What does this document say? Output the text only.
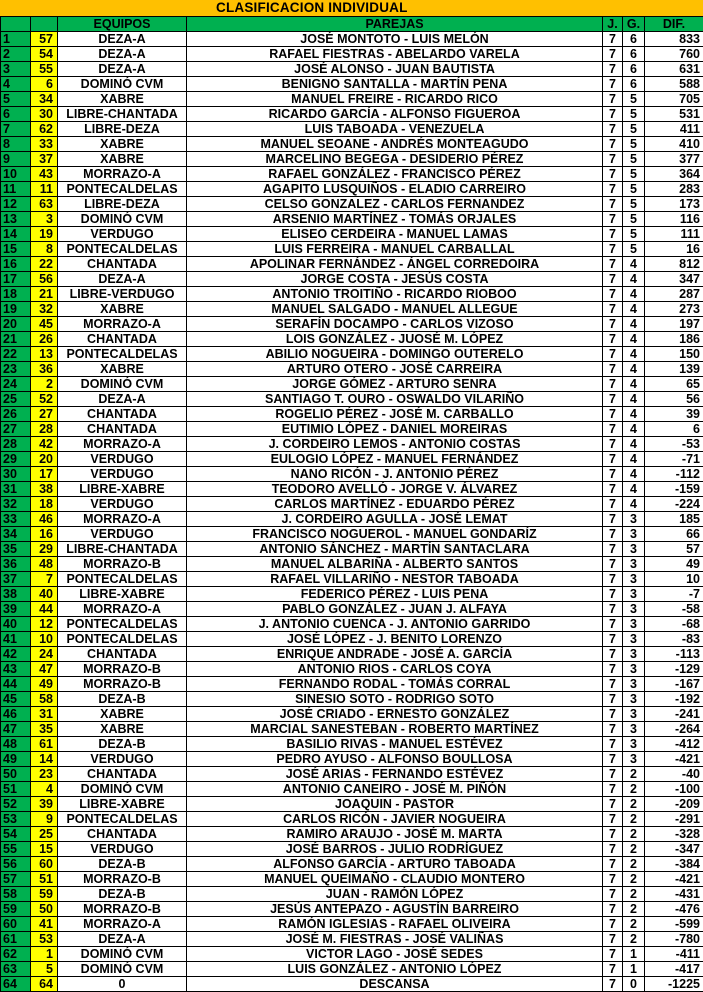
CLASIFICACION INDIVIDUAL
		EQUIPOS	PAREJAS	J.	G.	DIF.
1	57	DEZA-A	JOSÉ MONTOTO - LUIS MELÓN	7	6	833
2	54	DEZA-A	RAFAEL FIESTRAS - ABELARDO VARELA	7	6	760
3	55	DEZA-A	JOSÉ ALONSO - JUAN BAUTISTA	7	6	631
4	6	DOMINÓ CVM	BENIGNO SANTALLA - MARTÍN PENA	7	6	588
5	34	XABRE	MANUEL FREIRE - RICARDO RICO	7	5	705
6	30	LIBRE-CHANTADA	RICARDO GARCÍA - ALFONSO FIGUEROA	7	5	531
7	62	LIBRE-DEZA	LUIS TABOADA - VENEZUELA	7	5	411
8	33	XABRE	MANUEL SEOANE - ANDRÉS MONTEAGUDO	7	5	410
9	37	XABRE	MARCELINO BEGEGA - DESIDERIO PÉREZ	7	5	377
10	43	MORRAZO-A	RAFAEL GONZÁLEZ - FRANCISCO PÉREZ	7	5	364
11	11	PONTECALDELAS	AGAPITO LUSQUIÑOS - ELADIO CARREIRO	7	5	283
12	63	LIBRE-DEZA	CELSO GONZALEZ - CARLOS FERNANDEZ	7	5	173
13	3	DOMINÓ CVM	ARSENIO MARTÍNEZ - TOMÁS ORJALES	7	5	116
14	19	VERDUGO	ELISEO CERDEIRA - MANUEL LAMAS	7	5	111
15	8	PONTECALDELAS	LUIS FERREIRA - MANUEL CARBALLAL	7	5	16
16	22	CHANTADA	APOLINAR FERNÁNDEZ - ÁNGEL CORREDOIRA	7	4	812
17	56	DEZA-A	JORGE COSTA - JESÚS COSTA	7	4	347
18	21	LIBRE-VERDUGO	ANTONIO TROITIÑO - RICARDO RIOBOO	7	4	287
19	32	XABRE	MANUEL SALGADO - MANUEL ALLEGUE	7	4	273
20	45	MORRAZO-A	SERAFÍN DOCAMPO - CARLOS VIZOSO	7	4	197
21	26	CHANTADA	LOIS GONZÁLEZ - JUOSÉ M. LÓPEZ	7	4	186
22	13	PONTECALDELAS	ABILIO NOGUEIRA - DOMINGO OUTERELO	7	4	150
23	36	XABRE	ARTURO OTERO - JOSÉ CARREIRA	7	4	139
24	2	DOMINÓ CVM	JORGE GÓMEZ - ARTURO SENRA	7	4	65
25	52	DEZA-A	SANTIAGO T. OURO - OSWALDO VILARIÑO	7	4	56
26	27	CHANTADA	ROGELIO PÉREZ - JOSÉ M. CARBALLO	7	4	39
27	28	CHANTADA	EUTIMIO LÓPEZ - DANIEL MOREIRAS	7	4	6
28	42	MORRAZO-A	J. CORDEIRO LEMOS - ANTONIO COSTAS	7	4	-53
29	20	VERDUGO	EULOGIO LÓPEZ - MANUEL FERNÁNDEZ	7	4	-71
30	17	VERDUGO	NANO RICÓN - J. ANTONIO PÉREZ	7	4	-112
31	38	LIBRE-XABRE	TEODORO AVELLÓ - JORGE V. ÁLVAREZ	7	4	-159
32	18	VERDUGO	CARLOS MARTÍNEZ - EDUARDO PÉREZ	7	4	-224
33	46	MORRAZO-A	J. CORDEIRO AGULLA - JOSÉ LEMAT	7	3	185
34	16	VERDUGO	FRANCISCO NOGUEROL - MANUEL GONDARÍZ	7	3	66
35	29	LIBRE-CHANTADA	ANTONIO SÁNCHEZ - MARTÍN SANTACLARA	7	3	57
36	48	MORRAZO-B	MANUEL ALBARIÑA - ALBERTO SANTOS	7	3	49
37	7	PONTECALDELAS	RAFAEL VILLARIÑO - NESTOR TABOADA	7	3	10
38	40	LIBRE-XABRE	FEDERICO PÉREZ - LUIS PENA	7	3	-7
39	44	MORRAZO-A	PABLO GONZÁLEZ - JUAN J. ALFAYA	7	3	-58
40	12	PONTECALDELAS	J. ANTONIO CUENCA - J. ANTONIO GARRIDO	7	3	-68
41	10	PONTECALDELAS	JOSÉ LÓPEZ - J. BENITO LORENZO	7	3	-83
42	24	CHANTADA	ENRIQUE ANDRADE - JOSÉ A. GARCÍA	7	3	-113
43	47	MORRAZO-B	ANTONIO RIOS - CARLOS COYA	7	3	-129
44	49	MORRAZO-B	FERNANDO RODAL - TOMÁS CORRAL	7	3	-167
45	58	DEZA-B	SINESIO SOTO - RODRIGO SOTO	7	3	-192
46	31	XABRE	JOSÉ CRIADO - ERNESTO GONZÁLEZ	7	3	-241
47	35	XABRE	MARCIAL SANESTEBAN - ROBERTO MARTÍNEZ	7	3	-264
48	61	DEZA-B	BASILIO RIVAS - MANUEL ESTÉVEZ	7	3	-412
49	14	VERDUGO	PEDRO AYUSO - ALFONSO BOULLOSA	7	3	-421
50	23	CHANTADA	JOSÉ ARIAS - FERNANDO ESTÉVEZ	7	2	-40
51	4	DOMINÓ CVM	ANTONIO CANEIRO - JOSÉ M. PIÑÓN	7	2	-100
52	39	LIBRE-XABRE	JOAQUIN - PASTOR	7	2	-209
53	9	PONTECALDELAS	CARLOS RICÓN - JAVIER NOGUEIRA	7	2	-291
54	25	CHANTADA	RAMIRO ARAUJO - JOSÉ M. MARTA	7	2	-328
55	15	VERDUGO	JOSÉ BARROS - JULIO RODRÍGUEZ	7	2	-347
56	60	DEZA-B	ALFONSO GARCÍA - ARTURO TABOADA	7	2	-384
57	51	MORRAZO-B	MANUEL QUEIMAÑO - CLAUDIO MONTERO	7	2	-421
58	59	DEZA-B	JUAN - RAMÓN LÓPEZ	7	2	-431
59	50	MORRAZO-B	JESÚS ANTEPAZO - AGUSTÍN BARREIRO	7	2	-476
60	41	MORRAZO-A	RAMÓN IGLESIAS - RAFAEL OLIVEIRA	7	2	-599
61	53	DEZA-A	JOSÉ M. FIESTRAS - JOSÉ VALIÑAS	7	2	-780
62	1	DOMINÓ CVM	VICTOR LAGO - JOSÉ SEDES	7	1	-411
63	5	DOMINÓ CVM	LUIS GONZÁLEZ - ANTONIO LÓPEZ	7	1	-417
64	64	0	DESCANSA	7	0	-1225
